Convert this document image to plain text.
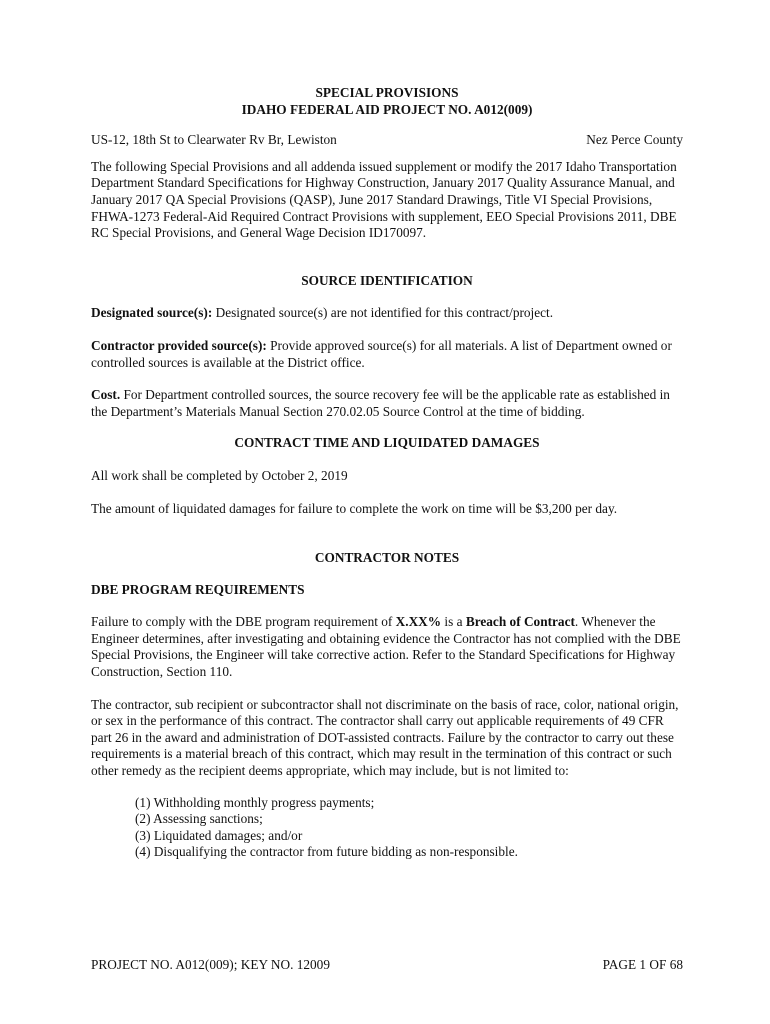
SPECIAL PROVISIONS

IDAHO FEDERAL AID PROJECT NO. A012(009)

US-12, 18th St to Clearwater Rv Br, Lewiston	Nez Perce County

The following Special Provisions and all addenda issued supplement or modify the 2017 Idaho Transportation Department Standard Specifications for Highway Construction, January 2017 Quality Assurance Manual, and January 2017 QA Special Provisions (QASP), June 2017 Standard Drawings, Title VI Special Provisions, FHWA-1273 Federal-Aid Required Contract Provisions with supplement, EEO Special Provisions 2011, DBE RC Special Provisions, and General Wage Decision ID170097.

SOURCE IDENTIFICATION

Designated source(s): Designated source(s) are not identified for this contract/project.

Contractor provided source(s): Provide approved source(s) for all materials. A list of Department owned or controlled sources is available at the District office.

Cost. For Department controlled sources, the source recovery fee will be the applicable rate as established in the Department’s Materials Manual Section 270.02.05 Source Control at the time of bidding.

CONTRACT TIME AND LIQUIDATED DAMAGES

All work shall be completed by October 2, 2019

The amount of liquidated damages for failure to complete the work on time will be $3,200 per day.

CONTRACTOR NOTES

DBE PROGRAM REQUIREMENTS

Failure to comply with the DBE program requirement of X.XX% is a Breach of Contract. Whenever the Engineer determines, after investigating and obtaining evidence the Contractor has not complied with the DBE Special Provisions, the Engineer will take corrective action. Refer to the Standard Specifications for Highway Construction, Section 110.

The contractor, sub recipient or subcontractor shall not discriminate on the basis of race, color, national origin, or sex in the performance of this contract. The contractor shall carry out applicable requirements of 49 CFR part 26 in the award and administration of DOT-assisted contracts. Failure by the contractor to carry out these requirements is a material breach of this contract, which may result in the termination of this contract or such other remedy as the recipient deems appropriate, which may include, but is not limited to:

(1) Withholding monthly progress payments;
(2) Assessing sanctions;
(3) Liquidated damages; and/or
(4) Disqualifying the contractor from future bidding as non-responsible.
PROJECT NO. A012(009); KEY NO. 12009	PAGE 1 OF 68
